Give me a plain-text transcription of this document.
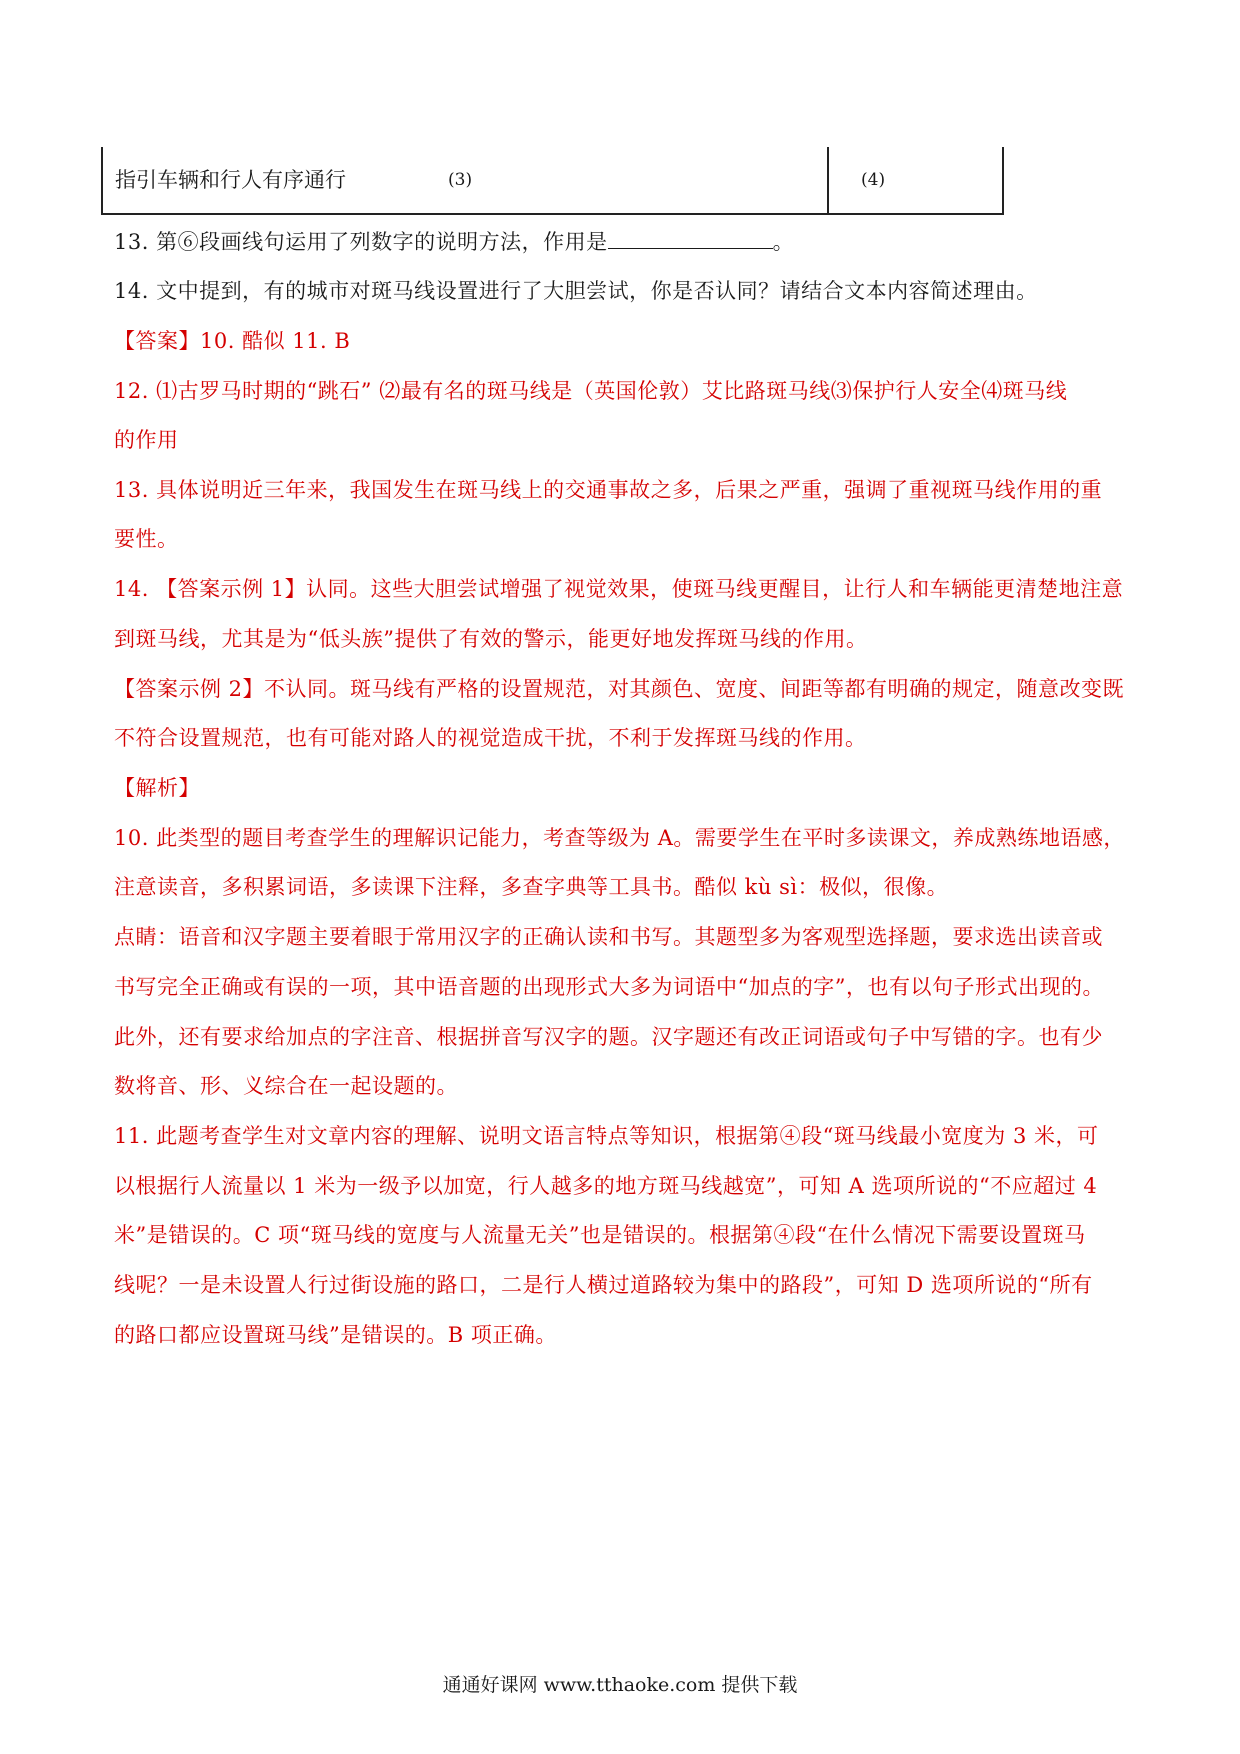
指引车辆和行人有序通行	(3)	(4)
13. 第⑥段画线句运用了列数字的说明方法，作用是	。
14. 文中提到，有的城市对斑马线设置进行了大胆尝试，你是否认同？请结合文本内容简述理由。
【答案】10. 酷似 11. B
12. ⑴古罗马时期的“跳石” ⑵最有名的斑马线是（英国伦敦）艾比路斑马线⑶保护行人安全⑷斑马线
的作用
13. 具体说明近三年来，我国发生在斑马线上的交通事故之多，后果之严重，强调了重视斑马线作用的重
要性。
14. 【答案示例 1】认同。这些大胆尝试增强了视觉效果，使斑马线更醒目，让行人和车辆能更清楚地注意
到斑马线，尤其是为“低头族”提供了有效的警示，能更好地发挥斑马线的作用。
【答案示例 2】不认同。斑马线有严格的设置规范，对其颜色、宽度、间距等都有明确的规定，随意改变既
不符合设置规范，也有可能对路人的视觉造成干扰，不利于发挥斑马线的作用。
【解析】
10. 此类型的题目考查学生的理解识记能力，考查等级为 A。需要学生在平时多读课文，养成熟练地语感，
注意读音，多积累词语，多读课下注释，多查字典等工具书。酷似 kù sì：极似，很像。
点睛：语音和汉字题主要着眼于常用汉字的正确认读和书写。其题型多为客观型选择题，要求选出读音或
书写完全正确或有误的一项，其中语音题的出现形式大多为词语中“加点的字”，也有以句子形式出现的。
此外，还有要求给加点的字注音、根据拼音写汉字的题。汉字题还有改正词语或句子中写错的字。也有少
数将音、形、义综合在一起设题的。
11. 此题考查学生对文章内容的理解、说明文语言特点等知识，根据第④段“斑马线最小宽度为 3 米，可
以根据行人流量以 1 米为一级予以加宽，行人越多的地方斑马线越宽”，可知 A 选项所说的“不应超过 4
米”是错误的。C 项“斑马线的宽度与人流量无关”也是错误的。根据第④段“在什么情况下需要设置斑马
线呢？一是未设置人行过街设施的路口，二是行人横过道路较为集中的路段”，可知 D 选项所说的“所有
的路口都应设置斑马线”是错误的。B 项正确。
通通好课网 www.tthaoke.com 提供下载
